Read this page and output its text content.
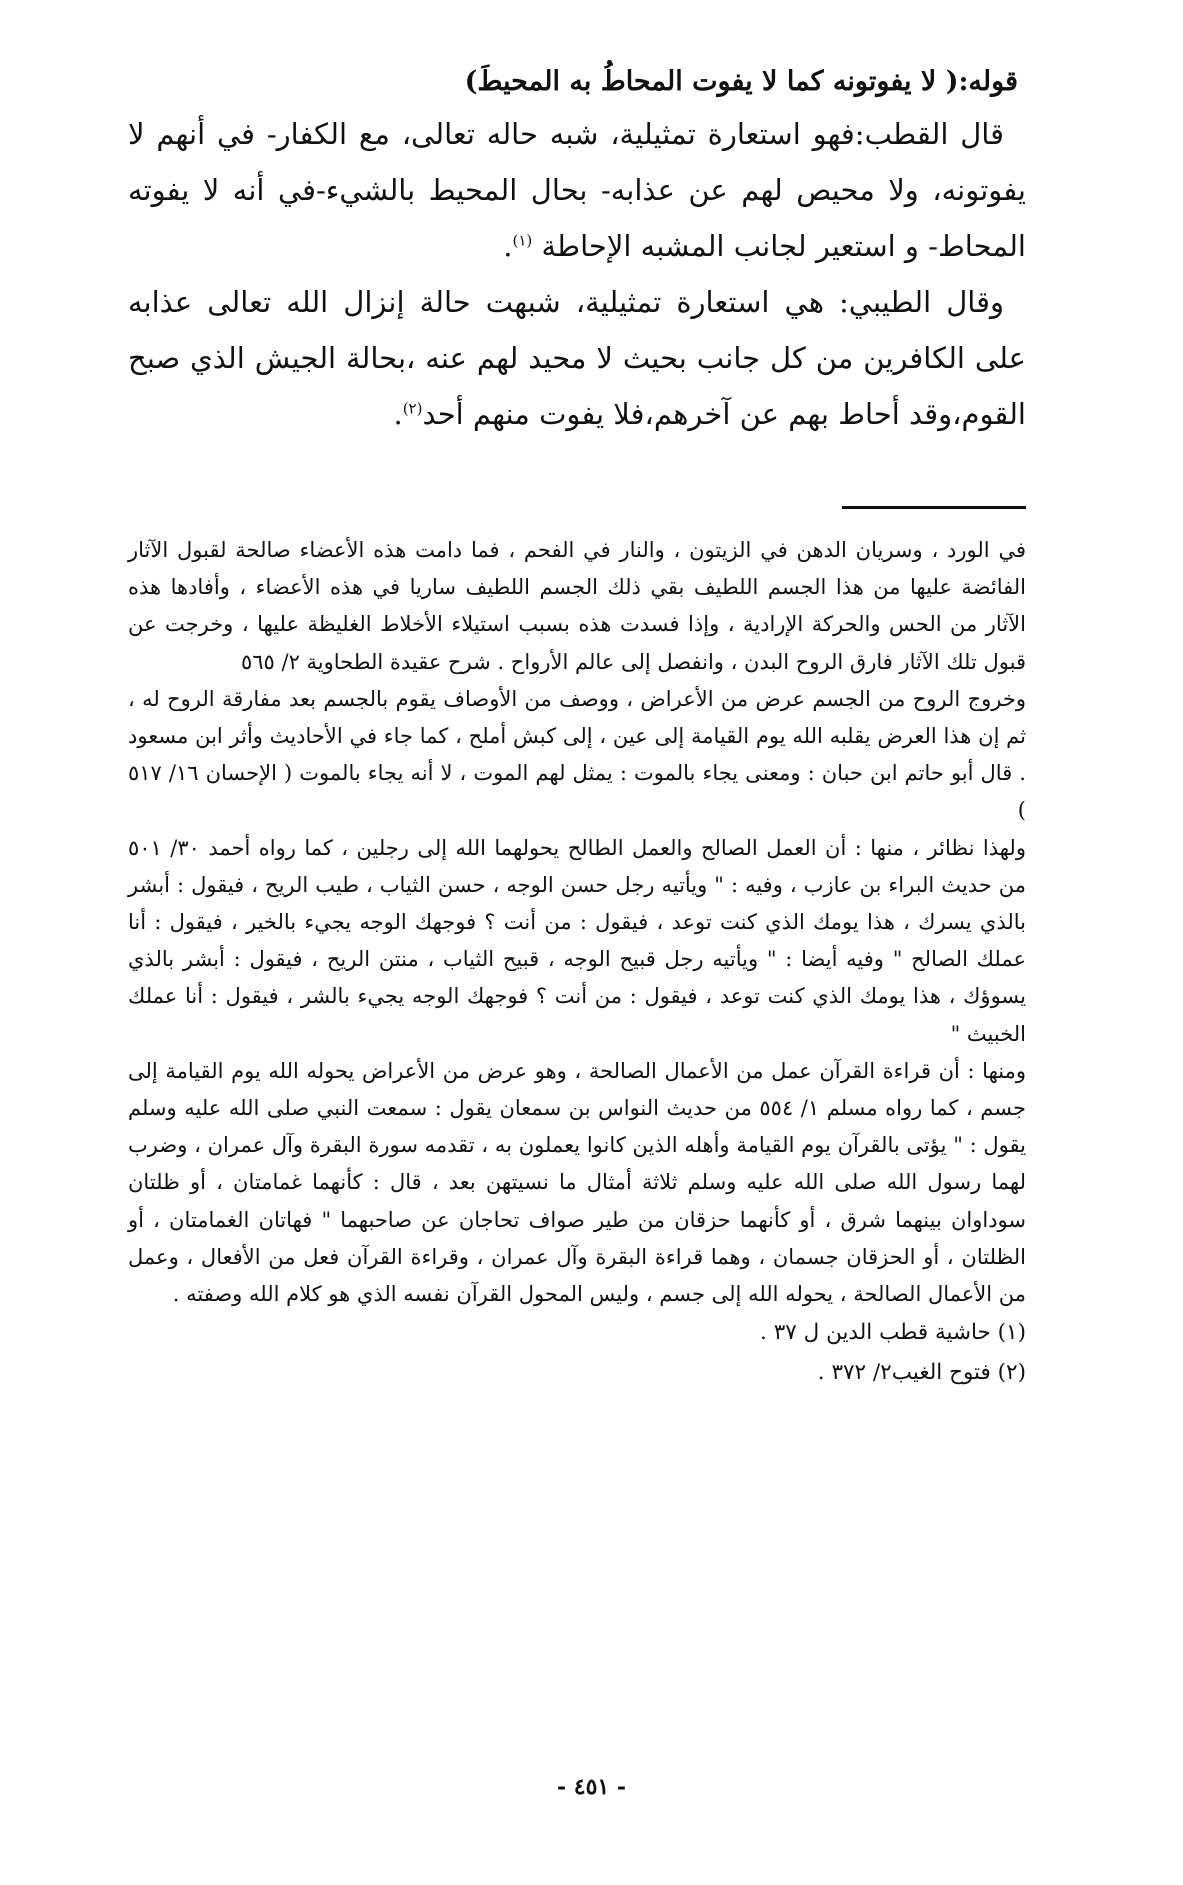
قوله:( لا يفوتونه كما لا يفوت المحاطُ به المحيطَ)

قال القطب:فهو استعارة تمثيلية، شبه حاله تعالى، مع الكفار- في أنهم لا يفوتونه، ولا محيص لهم عن عذابه- بحال المحيط بالشيء-في أنه لا يفوته المحاط- و استعير لجانب المشبه الإحاطة $^{(١)}$.

وقال الطيبي: هي استعارة تمثيلية، شبهت حالة إنزال الله تعالى عذابه على الكافرين من كل جانب بحيث لا محيد لهم عنه ،بحالة الجيش الذي صبح القوم،وقد أحاط بهم عن آخرهم،فلا يفوت منهم أحد$^{(٢)}$.

في الورد ، وسريان الدهن في الزيتون ، والنار في الفحم ، فما دامت هذه الأعضاء صالحة لقبول الآثار الفائضة عليها من هذا الجسم اللطيف بقي ذلك الجسم اللطيف ساريا في هذه الأعضاء ، وأفادها هذه الآثار من الحس والحركة الإرادية ، وإذا فسدت هذه بسبب استيلاء الأخلاط الغليظة عليها ، وخرجت عن قبول تلك الآثار فارق الروح البدن ، وانفصل إلى عالم الأرواح . شرح عقيدة الطحاوية ٢/ ٥٦٥

وخروج الروح من الجسم عرض من الأعراض ، ووصف من الأوصاف يقوم بالجسم بعد مفارقة الروح له ، ثم إن هذا العرض يقلبه الله يوم القيامة إلى عين ، إلى كبش أملح ، كما جاء في الأحاديث وأثر ابن مسعود . قال أبو حاتم ابن حبان : ومعنى يجاء بالموت : يمثل لهم الموت ، لا أنه يجاء بالموت ( الإحسان ١٦/ ٥١٧ )

ولهذا نظائر ، منها : أن العمل الصالح والعمل الطالح يحولهما الله إلى رجلين ، كما رواه أحمد ٣٠/ ٥٠١ من حديث البراء بن عازب ، وفيه : " ويأتيه رجل حسن الوجه ، حسن الثياب ، طيب الريح ، فيقول : أبشر بالذي يسرك ، هذا يومك الذي كنت توعد ، فيقول : من أنت ؟ فوجهك الوجه يجيء بالخير ، فيقول : أنا عملك الصالح " وفيه أيضا : " ويأتيه رجل قبيح الوجه ، قبيح الثياب ، منتن الريح ، فيقول : أبشر بالذي يسوؤك ، هذا يومك الذي كنت توعد ، فيقول : من أنت ؟ فوجهك الوجه يجيء بالشر ، فيقول : أنا عملك الخبيث "

ومنها : أن قراءة القرآن عمل من الأعمال الصالحة ، وهو عرض من الأعراض يحوله الله يوم القيامة إلى جسم ، كما رواه مسلم ١/ ٥٥٤ من حديث النواس بن سمعان يقول : سمعت النبي صلى الله عليه وسلم يقول : " يؤتى بالقرآن يوم القيامة وأهله الذين كانوا يعملون به ، تقدمه سورة البقرة وآل عمران ، وضرب لهما رسول الله صلى الله عليه وسلم ثلاثة أمثال ما نسيتهن بعد ، قال : كأنهما غمامتان ، أو ظلتان سوداوان بينهما شرق ، أو كأنهما حزقان من طير صواف تحاجان عن صاحبهما " فهاتان الغمامتان ، أو الظلتان ، أو الحزقان جسمان ، وهما قراءة البقرة وآل عمران ، وقراءة القرآن فعل من الأفعال ، وعمل من الأعمال الصالحة ، يحوله الله إلى جسم ، وليس المحول القرآن نفسه الذي هو كلام الله وصفته .

(١) حاشية قطب الدين ل ٣٧ .

(٢) فتوح الغيب٢/ ٣٧٢ .

- ٤٥١ -
